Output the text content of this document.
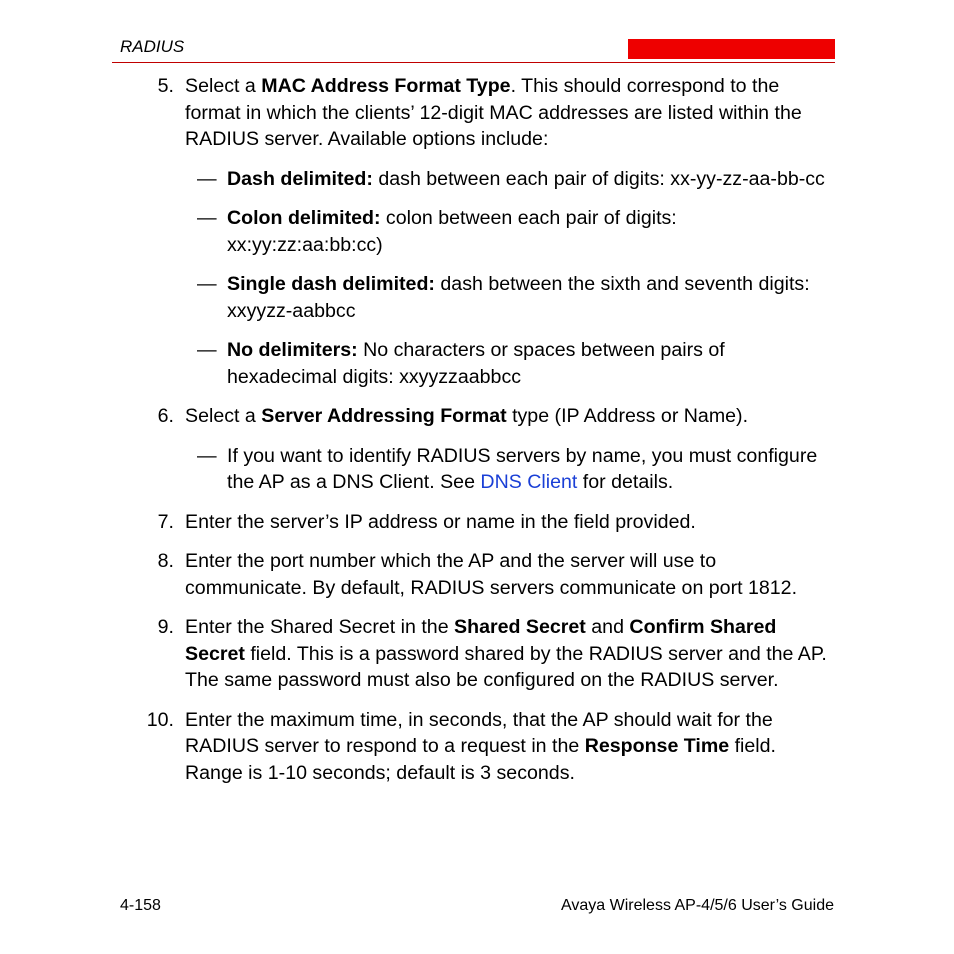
RADIUS
5. Select a MAC Address Format Type. This should correspond to the format in which the clients’ 12-digit MAC addresses are listed within the RADIUS server. Available options include:
— Dash delimited: dash between each pair of digits: xx-yy-zz-aa-bb-cc
— Colon delimited: colon between each pair of digits: xx:yy:zz:aa:bb:cc)
— Single dash delimited: dash between the sixth and seventh digits: xxyyzz-aabbcc
— No delimiters: No characters or spaces between pairs of hexadecimal digits: xxyyzzaabbcc
6. Select a Server Addressing Format type (IP Address or Name).
— If you want to identify RADIUS servers by name, you must configure the AP as a DNS Client. See DNS Client for details.
7. Enter the server’s IP address or name in the field provided.
8. Enter the port number which the AP and the server will use to communicate. By default, RADIUS servers communicate on port 1812.
9. Enter the Shared Secret in the Shared Secret and Confirm Shared Secret field. This is a password shared by the RADIUS server and the AP. The same password must also be configured on the RADIUS server.
10. Enter the maximum time, in seconds, that the AP should wait for the RADIUS server to respond to a request in the Response Time field. Range is 1-10 seconds; default is 3 seconds.
4-158	Avaya Wireless AP-4/5/6 User’s Guide
